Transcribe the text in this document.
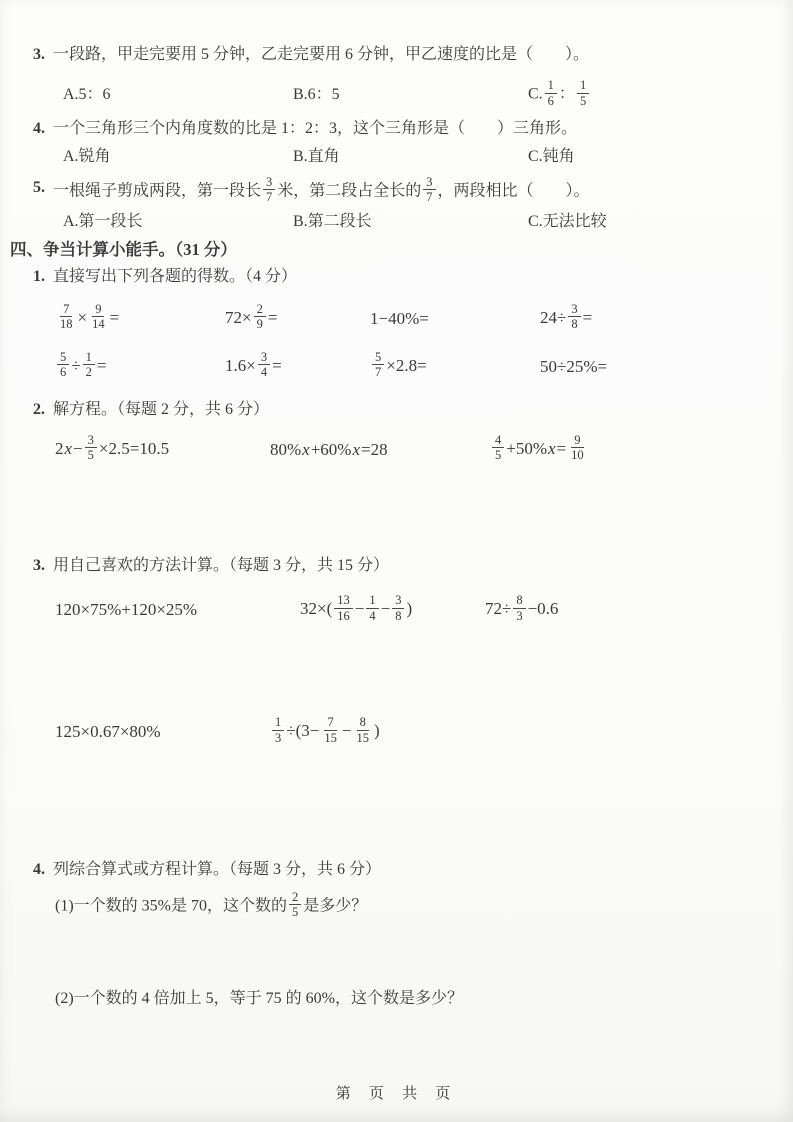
3. 一段路，甲走完要用 5 分钟，乙走完要用 6 分钟，甲乙速度的比是（　　）。
A.5：6	B.6：5	C. $\frac{1}{6}$ ： $\frac{1}{5}$
4. 一个三角形三个内角度数的比是 1：2：3，这个三角形是（　　）三角形。
A.锐角	B.直角	C.钝角
5. 一根绳子剪成两段，第一段长 $\frac{3}{7}$ 米，第二段占全长的 $\frac{3}{7}$ ，两段相比（　　）。
A.第一段长	B.第二段长	C.无法比较
四、争当计算小能手。（31 分）
1. 直接写出下列各题的得数。（4 分）
$\frac{7}{18} \times \frac{9}{14}$ =	$72\times \frac{2}{9}$ =	1−40%=	$24\div \frac{3}{8}$ =
$\frac{5}{6} \div \frac{1}{2}$ =	$1.6\times \frac{3}{4}$ =	$\frac{5}{7} \times 2.8=$	50÷25%=
2. 解方程。（每题 2 分，共 6 分）
$2x- \frac{3}{5} \times 2.5=10.5$	80%x+60%x=28	$\frac{4}{5} +50\%x= \frac{9}{10}$
3. 用自己喜欢的方法计算。（每题 3 分，共 15 分）
120×75%+120×25%	$32\times( \frac{13}{16} - \frac{1}{4} - \frac{3}{8}$ )	$72\div \frac{8}{3} -0.6$
125×0.67×80%	$\frac{1}{3} \div(3- \frac{7}{15} - \frac{8}{15}$ )
4. 列综合算式或方程计算。（每题 3 分，共 6 分）
(1)一个数的 35%是 70，这个数的 $\frac{2}{5}$ 是多少？
(2)一个数的 4 倍加上 5，等于 75 的 60%，这个数是多少？
第 页 共 页
